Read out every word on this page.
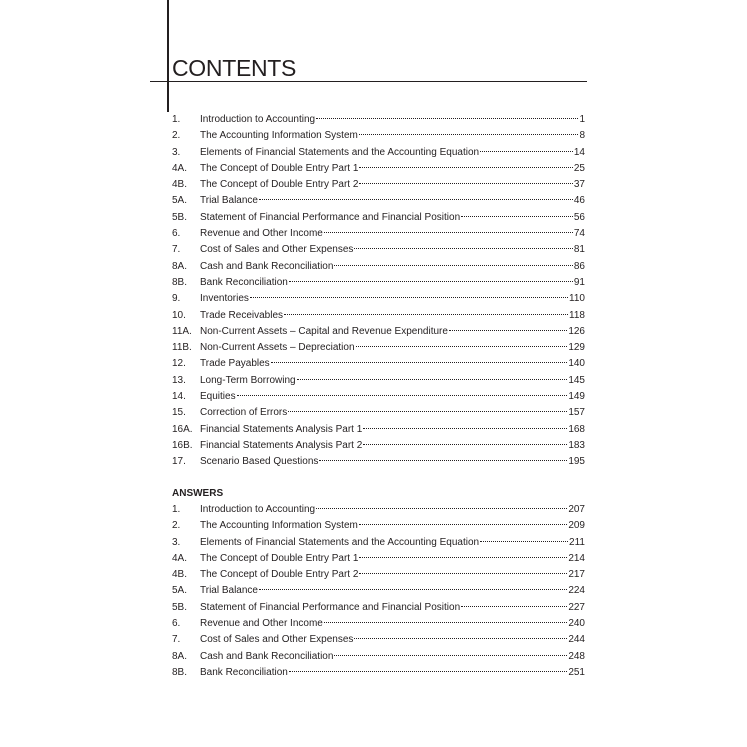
CONTENTS
1.	Introduction to Accounting	1
2.	The Accounting Information System	8
3.	Elements of Financial Statements and the Accounting Equation	14
4A.	The Concept of Double Entry Part 1	25
4B.	The Concept of Double Entry Part 2	37
5A.	Trial Balance	46
5B.	Statement of Financial Performance and Financial Position	56
6.	Revenue and Other Income	74
7.	Cost of Sales and Other Expenses	81
8A.	Cash and Bank Reconciliation	86
8B.	Bank Reconciliation	91
9.	Inventories	110
10.	Trade Receivables	118
11A. Non-Current Assets – Capital and Revenue Expenditure	126
11B. Non-Current Assets – Depreciation	129
12.	Trade Payables	140
13.	Long-Term Borrowing	145
14.	Equities	149
15.	Correction of Errors	157
16A. Financial Statements Analysis Part 1	168
16B. Financial Statements Analysis Part 2	183
17.	Scenario Based Questions	195
ANSWERS
1.	Introduction to Accounting	207
2.	The Accounting Information System	209
3.	Elements of Financial Statements and the Accounting Equation	211
4A.	The Concept of Double Entry Part 1	214
4B.	The Concept of Double Entry Part 2	217
5A.	Trial Balance	224
5B.	Statement of Financial Performance and Financial Position	227
6.	Revenue and Other Income	240
7.	Cost of Sales and Other Expenses	244
8A.	Cash and Bank Reconciliation	248
8B.	Bank Reconciliation	251
